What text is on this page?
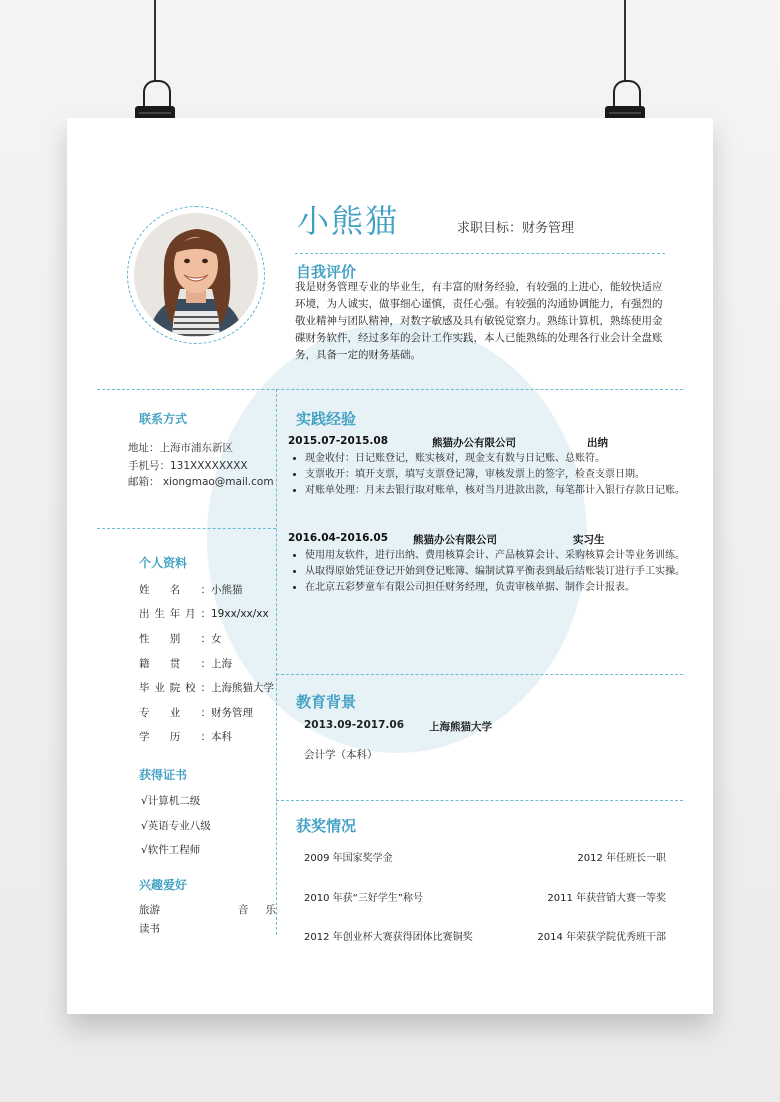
小熊猫	求职目标：财务管理
自我评价
我是财务管理专业的毕业生，有丰富的财务经验，有较强的上进心，能较快适应环境，为人诚实，做事细心谨慎，责任心强。有较强的沟通协调能力，有强烈的敬业精神与团队精神，对数字敏感及具有敏锐觉察力。熟练计算机，熟练使用金碟财务软件，经过多年的会计工作实践，本人已能熟练的处理各行业会计全盘账务，具备一定的财务基础。
联系方式
地址：上海市浦东新区
手机号：131XXXXXXXX
邮箱： xiongmao@mail.com
个人资料
姓名：小熊猫
出生年月：19xx/xx/xx
性别：女
籍贯：上海
毕业院校：上海熊猫大学
专业：财务管理
学历：本科
获得证书
√计算机二级
√英语专业八级
√软件工程师
兴趣爱好
旅游	音乐
读书
实践经验
2015.07-2015.08	熊猫办公有限公司	出纳
• 现金收付：日记账登记，账实核对，现金支有数与日记账、总账符。
• 支票收开：填开支票，填写支票登记簿，审核发票上的签字，检查支票日期。
• 对账单处理：月末去银行取对账单，核对当月进款出款，每笔都计入银行存款日记账。
2016.04-2016.05 熊猫办公有限公司	实习生
• 使用用友软件，进行出纳、费用核算会计、产品核算会计、采购核算会计等业务训练。
• 从取得原始凭证登记开始到登记账簿、编制试算平衡表到最后结账装订进行手工实操。
• 在北京五彩梦童车有限公司担任财务经理，负责审核单据、制作会计报表。
教育背景
2013.09-2017.06 上海熊猫大学
会计学（本科）
获奖情况
2009 年国家奖学金	2012 年任班长一职
2010 年获“三好学生”称号	2011 年获营销大赛一等奖
2012 年创业杯大赛获得团体比赛铜奖	2014 年荣获学院优秀班干部
